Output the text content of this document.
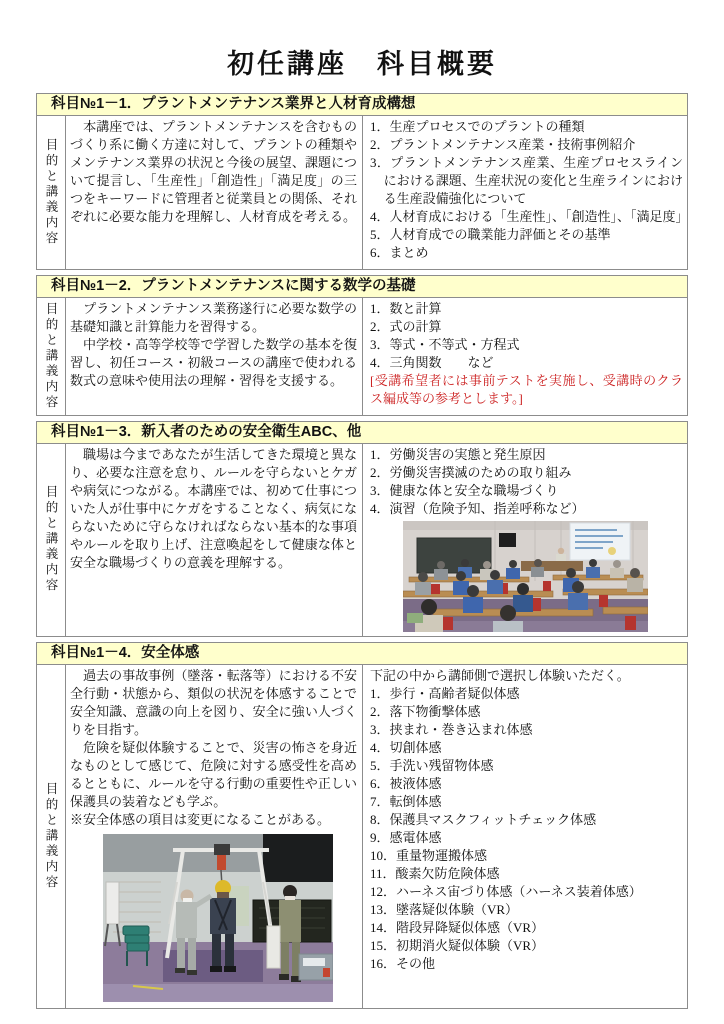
初任講座　科目概要
科目№1－1．プラントメンテナンス業界と人材育成構想
目的と講義内容

　本講座では、プラントメンテナンスを含むものづくり系に働く方達に対して、プラントの種類やメンテナンス業界の状況と今後の展望、課題について提言し、「生産性」「創造性」「満足度」の三つをキーワードに管理者と従業員との関係、それぞれに必要な能力を理解し、人材育成を考える。

1．生産プロセスでのプラントの種類
2．プラントメンテナンス産業・技術事例紹介
3．プラントメンテナンス産業、生産プロセスラインにおける課題、生産状況の変化と生産ラインにおける生産設備強化について
4．人材育成における「生産性」、「創造性」、「満足度」
5．人材育成での職業能力評価とその基準
6．まとめ
科目№1－2．プラントメンテナンスに関する数学の基礎
目的と講義内容 　プラントメンテナンス業務遂行に必要な数学の基礎知識と計算能力を習得する。

　中学校・高等学校等で学習した数学の基本を復習し、初任コース・初級コースの講座で使われる数式の意味や使用法の理解・習得を支援する。

1．数と計算
2．式の計算
3．等式・不等式・方程式
4．三角関数　　など
[受講希望者には事前テストを実施し、受講時のクラス編成等の参考とします。]
科目№1－3．新入者のための安全衛生ABC、他
目的と講義内容

　職場は今まであなたが生活してきた環境と異なり、必要な注意を怠り、ルールを守らないとケガや病気につながる。本講座では、初めて仕事についた人が仕事中にケガをすることなく、病気にならないために守らなければならない基本的な事項やルールを取り上げ、注意喚起をして健康な体と安全な職場づくりの意義を理解する。

1．労働災害の実態と発生原因
2．労働災害撲滅のための取り組み
3．健康な体と安全な職場づくり
4．演習（危険予知、指差呼称など）
科目№1－4．安全体感
目的と講義内容

　過去の事故事例（墜落・転落等）における不安全行動・状態から、類似の状況を体感することで安全知識、意識の向上を図り、安全に強い人づくりを目指す。

　危険を疑似体験することで、災害の怖さを身近なものとして感じて、危険に対する感受性を高めるとともに、ルールを守る行動の重要性や正しい保護具の装着なども学ぶ。

※安全体感の項目は変更になることがある。

下記の中から講師側で選択し体験いただく。
1．歩行・高齢者疑似体感
2．落下物衝撃体感
3．挟まれ・巻き込まれ体感
4．切創体感
5．手洗い残留物体感
6．被液体感
7．転倒体感
8．保護具マスクフィットチェック体感
9．感電体感
10．重量物運搬体感
11．酸素欠防危険体感
12．ハーネス宙づり体感（ハーネス装着体感）
13．墜落疑似体験（VR）
14．階段昇降疑似体感（VR）
15．初期消火疑似体験（VR）
16．その他
